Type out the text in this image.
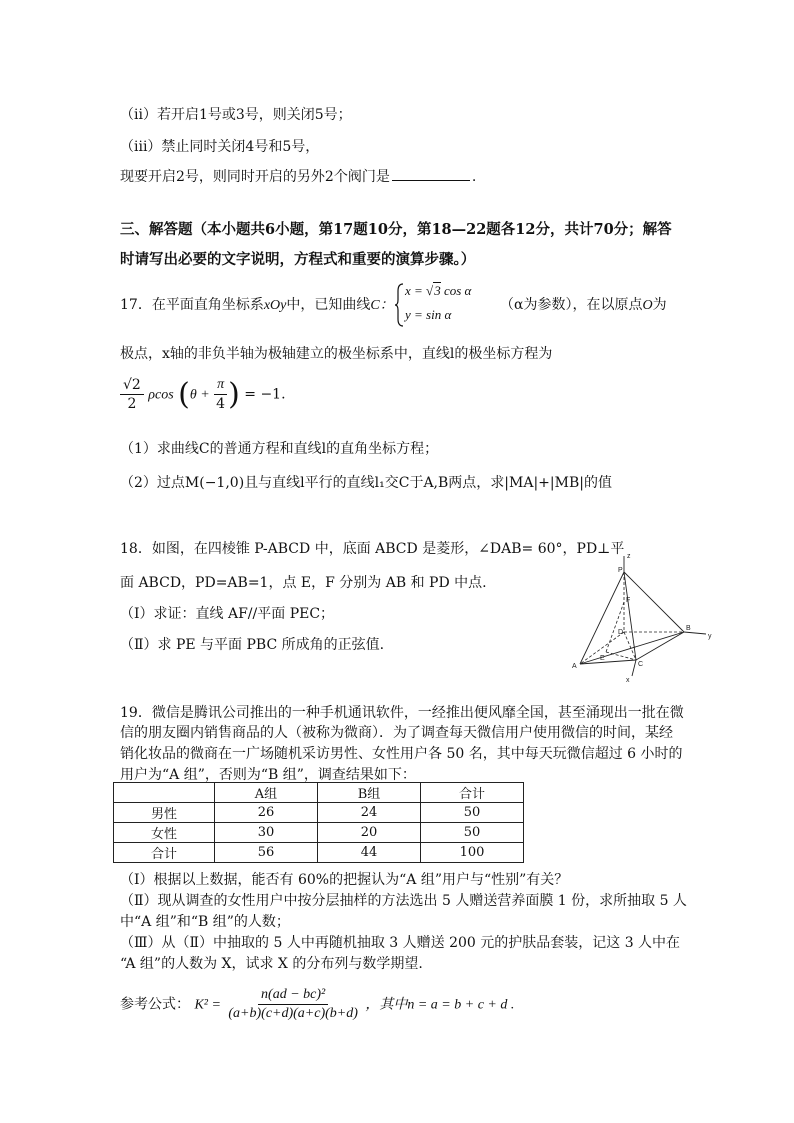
（ii）若开启1号或3号，则关闭5号；
（iii）禁止同时关闭4号和5号，
现要开启2号，则同时开启的另外2个阀门是	.
三、解答题（本小题共6小题，第17题10分，第18—22题各12分，共计70分；解答
时请写出必要的文字说明，方程式和重要的演算步骤。）
17．在平面直角坐标系xOy中，已知曲线C：
x = √3 cos α
y = sin α
（α为参数），在以原点O为
极点，x轴的非负半轴为极轴建立的极坐标系中，直线l的极坐标方程为
$\frac{√2}{2}$ ρcos ($\theta + \frac{\pi}{4}$ ) = −1.
（1）求曲线C的普通方程和直线l的直角坐标方程；
（2）过点M(−1,0)且与直线l平行的直线l₁交C于A,B两点，求|MA|+|MB|的值
18．如图，在四棱锥 P-ABCD 中，底面 ABCD 是菱形，∠DAB= 60°，PD⊥平
面 ABCD，PD=AB=1，点 E，F 分别为 AB 和 PD 中点.
（Ⅰ）求证：直线 AF//平面 PEC；
（Ⅱ）求 PE 与平面 PBC 所成角的正弦值.
z
P
F
D
A
E
B
C
y
x
19．微信是腾讯公司推出的一种手机通讯软件，一经推出便风靡全国，甚至涌现出一批在微
信的朋友圈内销售商品的人（被称为微商）．为了调查每天微信用户使用微信的时间，某经
销化妆品的微商在一广场随机采访男性、女性用户各 50 名，其中每天玩微信超过 6 小时的
用户为“A 组”，否则为“B 组”，调查结果如下：
	A组	B组	合计
男性	26	24	50
女性	30	20	50
合计	56	44	100
（Ⅰ）根据以上数据，能否有 60%的把握认为“A 组”用户与“性别”有关？
（Ⅱ）现从调查的女性用户中按分层抽样的方法选出 5 人赠送营养面膜 1 份，求所抽取 5 人
中“A 组”和“B 组”的人数；
（Ⅲ）从（Ⅱ）中抽取的 5 人中再随机抽取 3 人赠送 200 元的护肤品套装，记这 3 人中在
“A 组”的人数为 X，试求 X 的分布列与数学期望.
参考公式： $K^2 = \frac{\text{n(ad − bc)²}}{(a+b)(c+d)(a+c)(b+d)}$ ，其中n = a = b + c + d .
